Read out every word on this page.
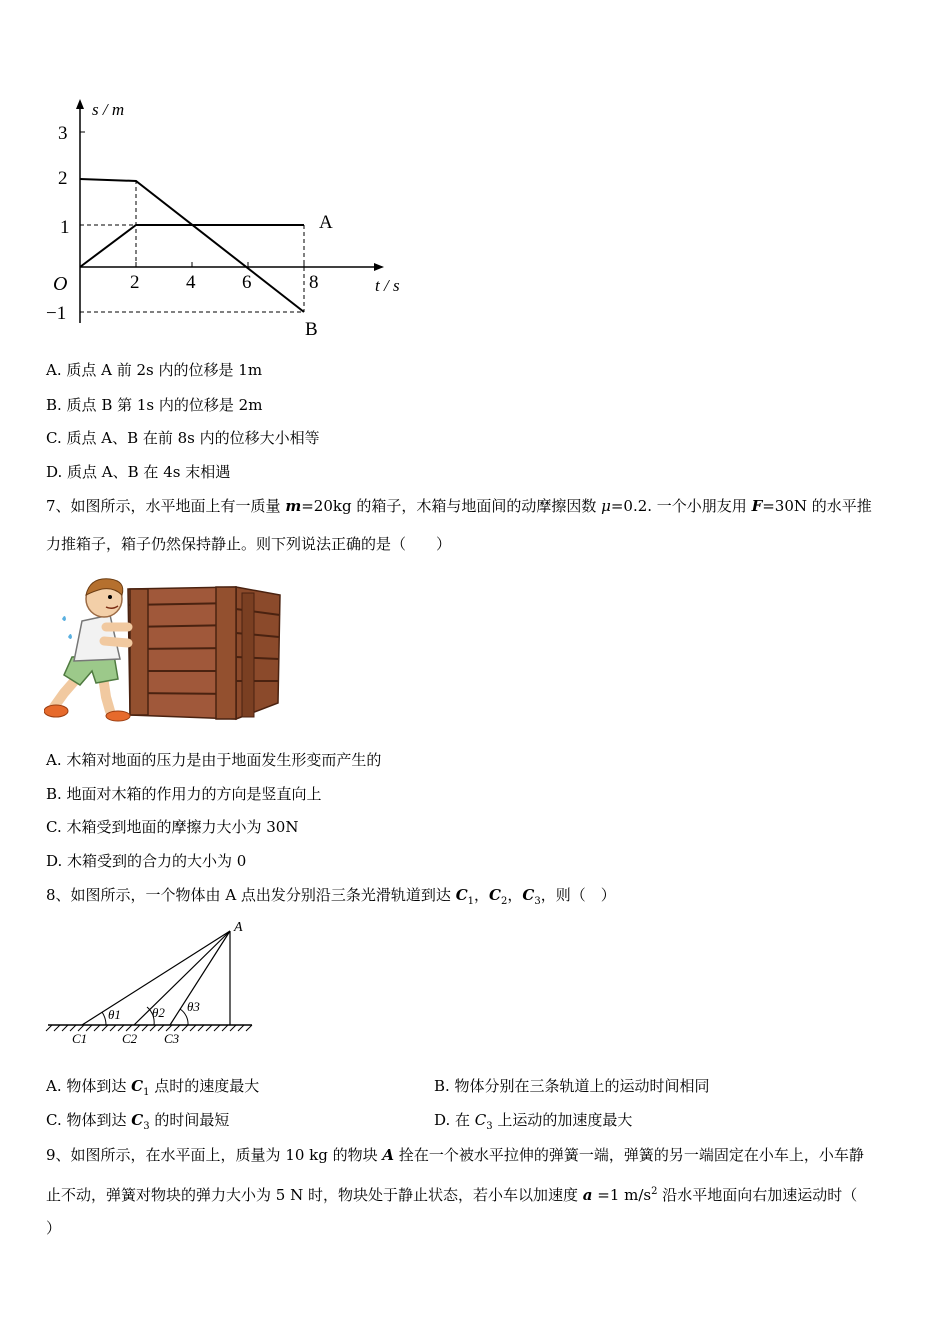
s / m
t / s
O
3
2
1
−1
2 4 6	8
A
B
A. 质点 A 前 2s 内的位移是 1m
B. 质点 B 第 1s 内的位移是 2m
C. 质点 A、B 在前 8s 内的位移大小相等
D. 质点 A、B 在 4s 末相遇
7、如图所示，水平地面上有一质量 m=20kg 的箱子，木箱与地面间的动摩擦因数 μ=0.2. 一个小朋友用 F=30N 的水平推
力推箱子，箱子仍然保持静止。则下列说法正确的是（　　）
A. 木箱对地面的压力是由于地面发生形变而产生的
B. 地面对木箱的作用力的方向是竖直向上
C. 木箱受到地面的摩擦力大小为 30N
D. 木箱受到的合力的大小为 0
8、如图所示，一个物体由 A 点出发分别沿三条光滑轨道到达 $C_1$，$C_2$，$C_3$，则（　）
A
θ1 θ2 θ3
C1	C2 C3
A. 物体到达 $C_1$ 点时的速度最大	B. 物体分别在三条轨道上的运动时间相同
C. 物体到达 $C_3$ 的时间最短	D. 在 $C_3$ 上运动的加速度最大
9、如图所示，在水平面上，质量为 10 kg 的物块 A 拴在一个被水平拉伸的弹簧一端，弹簧的另一端固定在小车上，小车静
止不动，弹簧对物块的弹力大小为 5 N 时，物块处于静止状态，若小车以加速度 a =1 $m/s^2$ 沿水平地面向右加速运动时（
）
